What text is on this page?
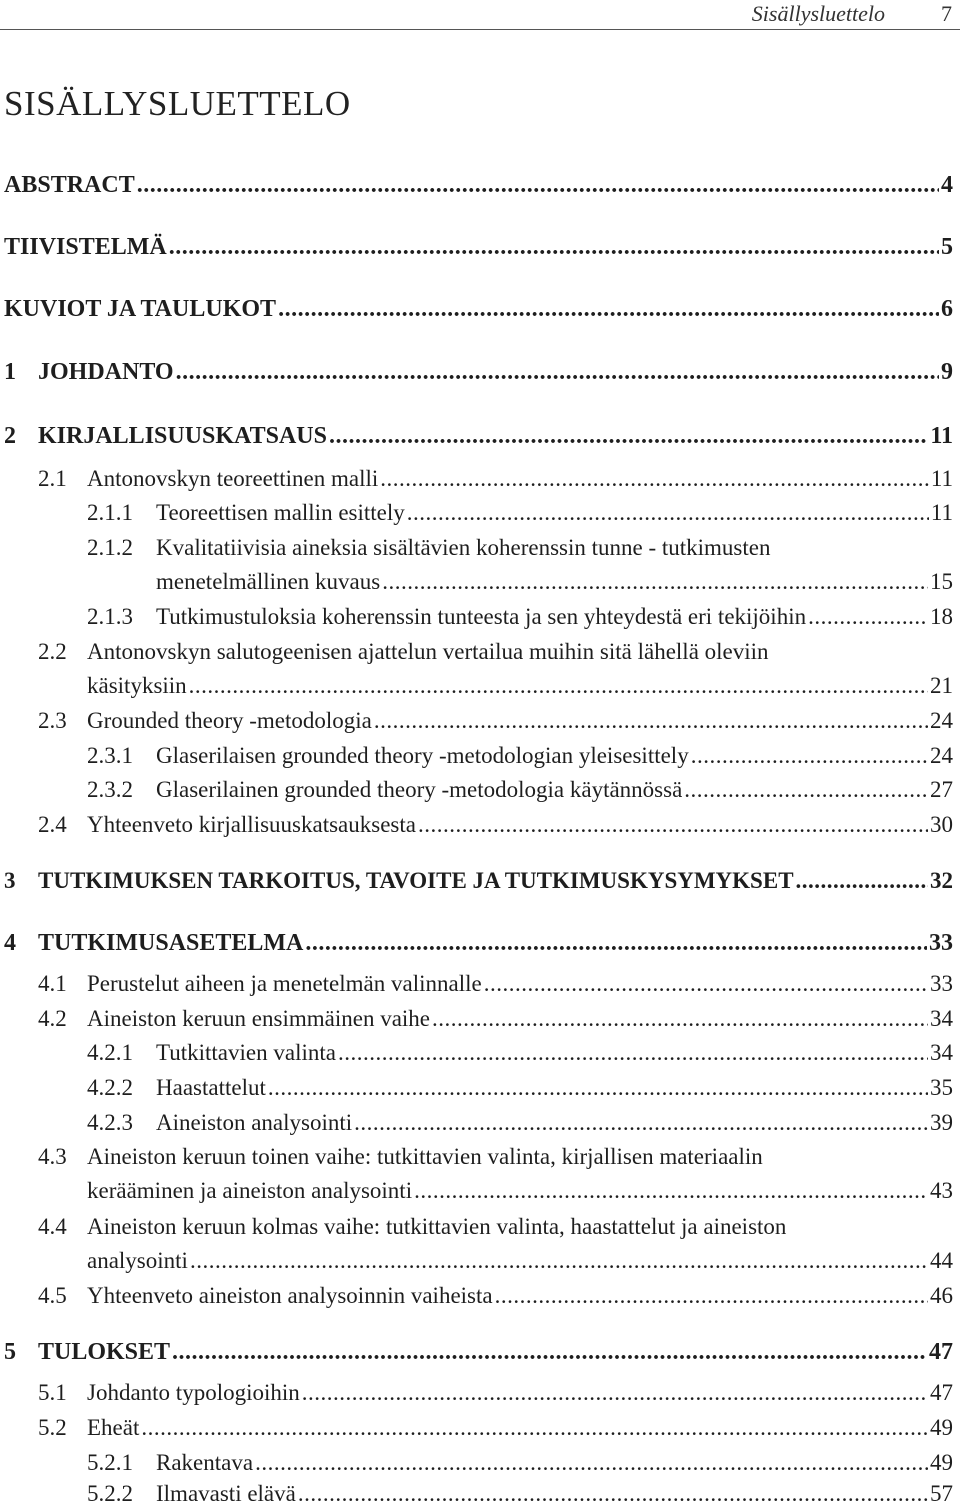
Sisällysluettelo	7
SISÄLLYSLUETTELO
ABSTRACT .....	4
TIIVISTELMÄ .....	5
KUVIOT JA TAULUKOT .....	6
1 JOHDANTO .....	9
2 KIRJALLISUUSKATSAUS .....	11
2.1 Antonovskyn teoreettinen malli .....	11
2.1.1 Teoreettisen mallin esittely .....	11
2.1.2 Kvalitatiivisia aineksia sisältävien koherenssin tunne - tutkimusten
menetelmällinen kuvaus .....	15
2.1.3 Tutkimustuloksia koherenssin tunteesta ja sen yhteydestä eri tekijöihin .....	18
2.2 Antonovskyn salutogeenisen ajattelun vertailua muihin sitä lähellä oleviin
käsityksiin .....	21
2.3 Grounded theory -metodologia .....	24
2.3.1 Glaserilaisen grounded theory -metodologian yleisesittely .....	24
2.3.2 Glaserilainen grounded theory -metodologia käytännössä .....	27
2.4 Yhteenveto kirjallisuuskatsauksesta .....	30
3 TUTKIMUKSEN TARKOITUS, TAVOITE JA TUTKIMUSKYSYMYKSET .....	32
4 TUTKIMUSASETELMA .....	33
4.1 Perustelut aiheen ja menetelmän valinnalle .....	33
4.2 Aineiston keruun ensimmäinen vaihe .....	34
4.2.1 Tutkittavien valinta .....	34
4.2.2 Haastattelut .....	35
4.2.3 Aineiston analysointi .....	39
4.3 Aineiston keruun toinen vaihe: tutkittavien valinta, kirjallisen materiaalin
kerääminen ja aineiston analysointi .....	43
4.4 Aineiston keruun kolmas vaihe: tutkittavien valinta, haastattelut ja aineiston
analysointi .....	44
4.5 Yhteenveto aineiston analysoinnin vaiheista .....	46
5 TULOKSET .....	47
5.1 Johdanto typologioihin .....	47
5.2 Eheät .....	49
5.2.1 Rakentava .....	49
5.2.2 Ilmavasti elävä .....	57
